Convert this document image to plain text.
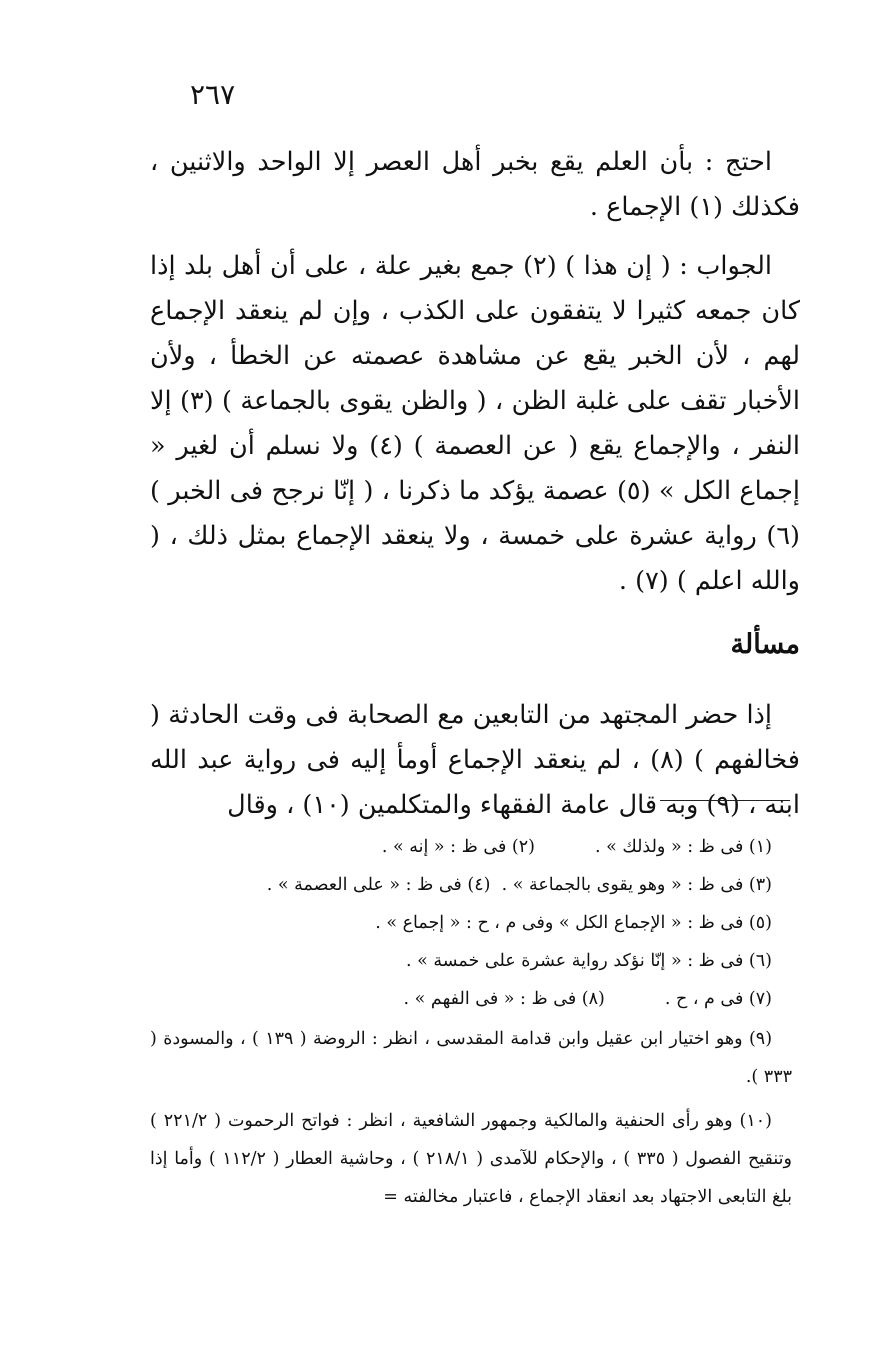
٢٦٧

احتج : بأن العلم يقع بخبر أهل العصر إلا الواحد والاثنين ، فكذلك (١) الإجماع .

الجواب : ( إن هذا ) (٢) جمع بغير علة ، على أن أهل بلد إذا كان جمعه كثيرا لا يتفقون على الكذب ، وإن لم ينعقد الإجماع لهم ، لأن الخبر يقع عن مشاهدة عصمته عن الخطأ ، ولأن الأخبار تقف على غلبة الظن ، ( والظن يقوى بالجماعة ) (٣) إلا النفر ، والإجماع يقع ( عن العصمة ) (٤) ولا نسلم أن لغير « إجماع الكل » (٥) عصمة يؤكد ما ذكرنا ، ( إنّا نرجح فى الخبر ) (٦) رواية عشرة على خمسة ، ولا ينعقد الإجماع بمثل ذلك ، ( والله اعلم ) (٧) .

مسألة

إذا حضر المجتهد من التابعين مع الصحابة فى وقت الحادثة ( فخالفهم ) (٨) ، لم ينعقد الإجماع أومأ إليه فى رواية عبد الله ابنه ، (٩) وبه قال عامة الفقهاء والمتكلمين (١٠) ، وقال

(١) فى ظ : « ولذلك » .(٢) فى ظ : « إنه » .
(٣) فى ظ : « وهو يقوى بالجماعة » .  (٤) فى ظ : « على العصمة » .
(٥) فى ظ : « الإجماع الكل » وفى م ، ح : « إجماع » .
(٦) فى ظ : « إنّا نؤكد رواية عشرة على خمسة » .
(٧) فى م ، ح .(٨) فى ظ : « فى الفهم » .
(٩) وهو اختيار ابن عقيل وابن قدامة المقدسى ، انظر : الروضة ( ١٣٩ ) ، والمسودة ( ٣٣٣ ).
(١٠) وهو رأى الحنفية والمالكية وجمهور الشافعية ، انظر : فواتح الرحموت ( ٢٢١/٢ ) وتنقيح الفصول ( ٣٣٥ ) ، والإحكام للآمدى ( ٢١٨/١ ) ، وحاشية العطار ( ١١٢/٢ ) وأما إذا بلغ التابعى الاجتهاد بعد انعقاد الإجماع ، فاعتبار مخالفته =
